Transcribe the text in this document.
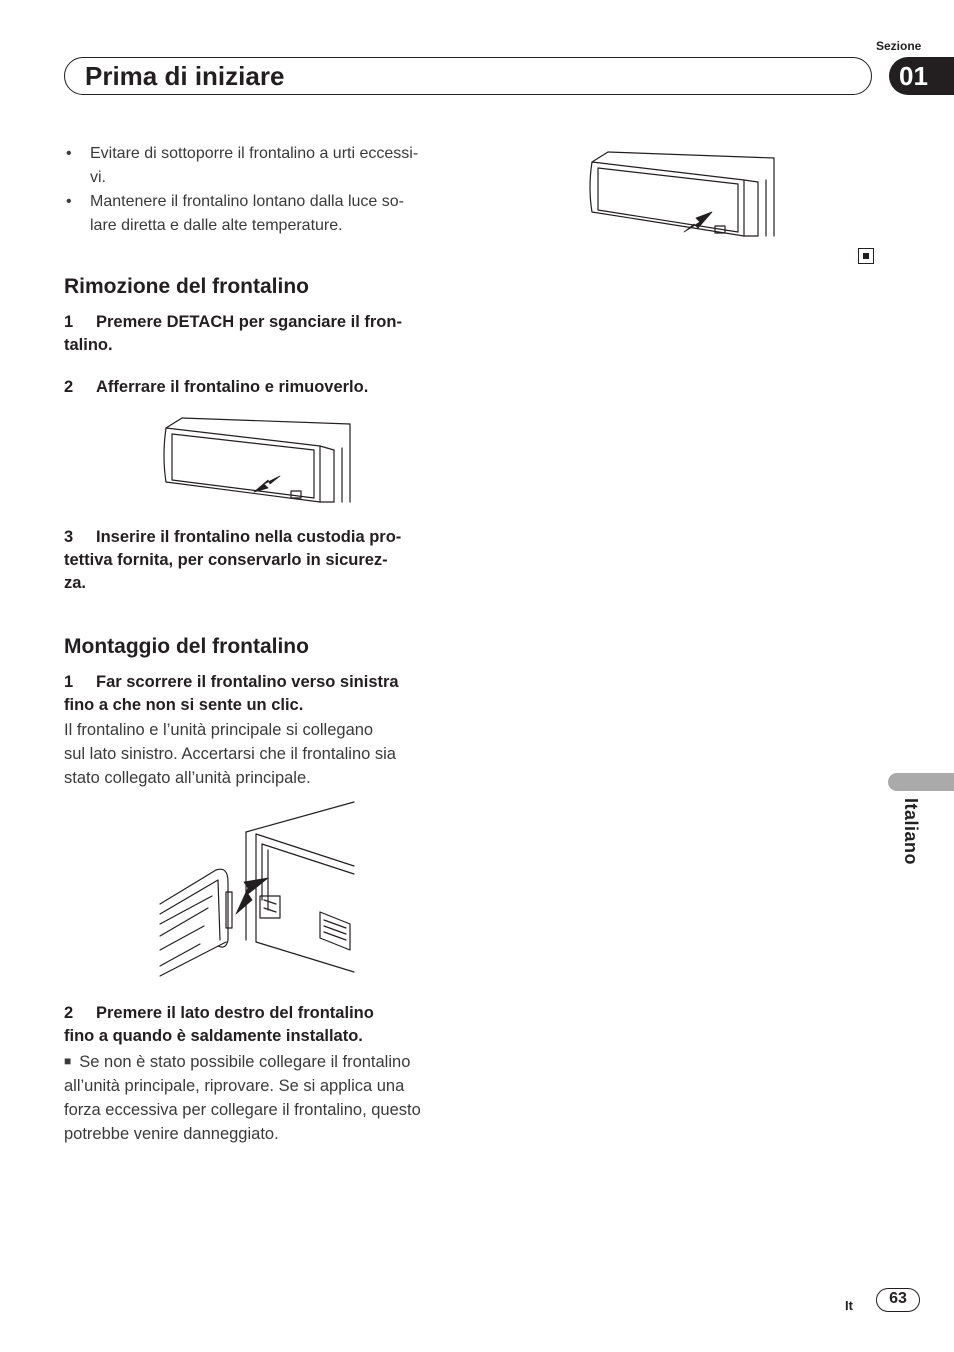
Sezione
Prima di iniziare	01
• Evitare di sottoporre il frontalino a urti eccessi-
vi.
• Mantenere il frontalino lontano dalla luce so-
lare diretta e dalle alte temperature.
Rimozione del frontalino
1 Premere DETACH per sganciare il fron-
talino.
2 Afferrare il frontalino e rimuoverlo.
3 Inserire il frontalino nella custodia pro-
tettiva fornita, per conservarlo in sicurez-
za.
Montaggio del frontalino
1 Far scorrere il frontalino verso sinistra
fino a che non si sente un clic.
Il frontalino e l’unità principale si collegano
sul lato sinistro. Accertarsi che il frontalino sia
stato collegato all’unità principale.
2 Premere il lato destro del frontalino
fino a quando è saldamente installato.
■ Se non è stato possibile collegare il frontalino
all’unità principale, riprovare. Se si applica una
forza eccessiva per collegare il frontalino, questo
potrebbe venire danneggiato.
Italiano
It	63
